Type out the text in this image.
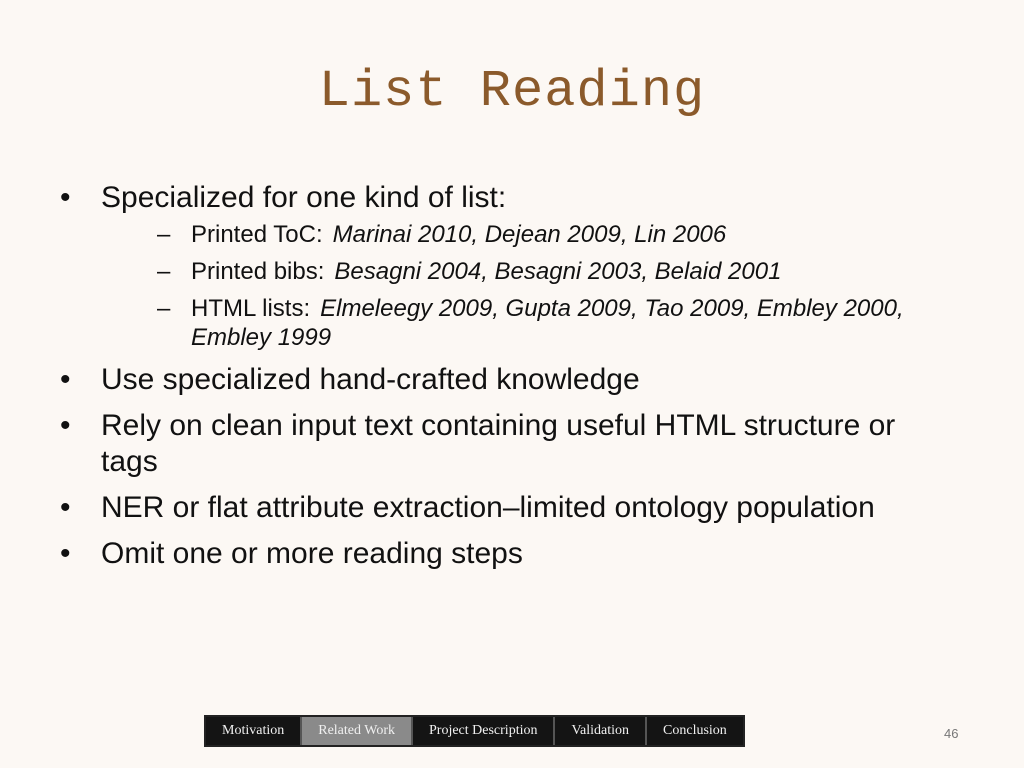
List Reading
• Specialized for one kind of list:
– Printed ToC: Marinai 2010, Dejean 2009, Lin 2006
– Printed bibs: Besagni 2004, Besagni 2003, Belaid 2001
– HTML lists: Elmeleegy 2009, Gupta 2009, Tao 2009, Embley 2000, Embley 1999
• Use specialized hand-crafted knowledge
• Rely on clean input text containing useful HTML structure or tags
• NER or flat attribute extraction–limited ontology population
• Omit one or more reading steps
Motivation	Related Work	Project Description	Validation	Conclusion	46
